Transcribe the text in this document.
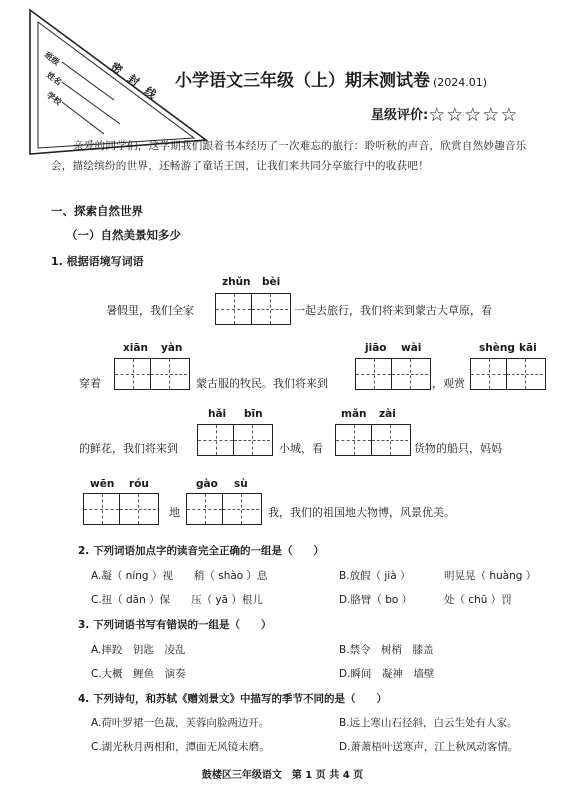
班级
姓名
学校	密 封 线 小学语文三年级（上）期末测试卷 (2024.01)
星级评价:☆☆☆☆☆
亲爱的同学们，这学期我们跟着书本经历了一次难忘的旅行：聆听秋的声音，欣赏自然妙趣音乐会，描绘缤纷的世界，还畅游了童话王国，让我们来共同分享旅行中的收获吧！
一、探索自然世界
（一）自然美景知多少
1. 根据语境写词语
zhǔn bèi
暑假里，我们全家	一起去旅行，我们将来到蒙古大草原，看
xiān yàn	jiāo wài	shèng kāi
穿着	蒙古服的牧民。我们将来到	，观赏
hǎi bīn	mǎn zài
的鲜花，我们将来到	小城，看	货物的船只，妈妈
wēn róu	gào sù
地	我，我们的祖国地大物博，风景优美。
2. 下列词语加点字的读音完全正确的一组是（　　）
A.凝（ níng ）视　　稍（ shào ）息	B.放假（ jià ）	明晃晃（ huàng ）
C.扭（ dān ）保　　压（ yā ）根儿	D.胳臂（ bo ）	处（ chū ）罚
3. 下列词语书写有错误的一组是（　　）
A.摔跤　钥匙　凌乱	B.禁令　树梢　膝盖
C.大概　鲤鱼　演奏	D.瞬间　凝神　墙壁
4. 下列诗句，和苏轼《赠刘景文》中描写的季节不同的是（　　）
A.荷叶罗裙一色裁，芙蓉向脸两边开。	B.远上寒山石径斜，白云生处有人家。
C.湖光秋月两相和，潭面无风镜未磨。	D.萧萧梧叶送寒声，江上秋风动客情。
鼓楼区三年级语文　第 1 页 共 4 页
